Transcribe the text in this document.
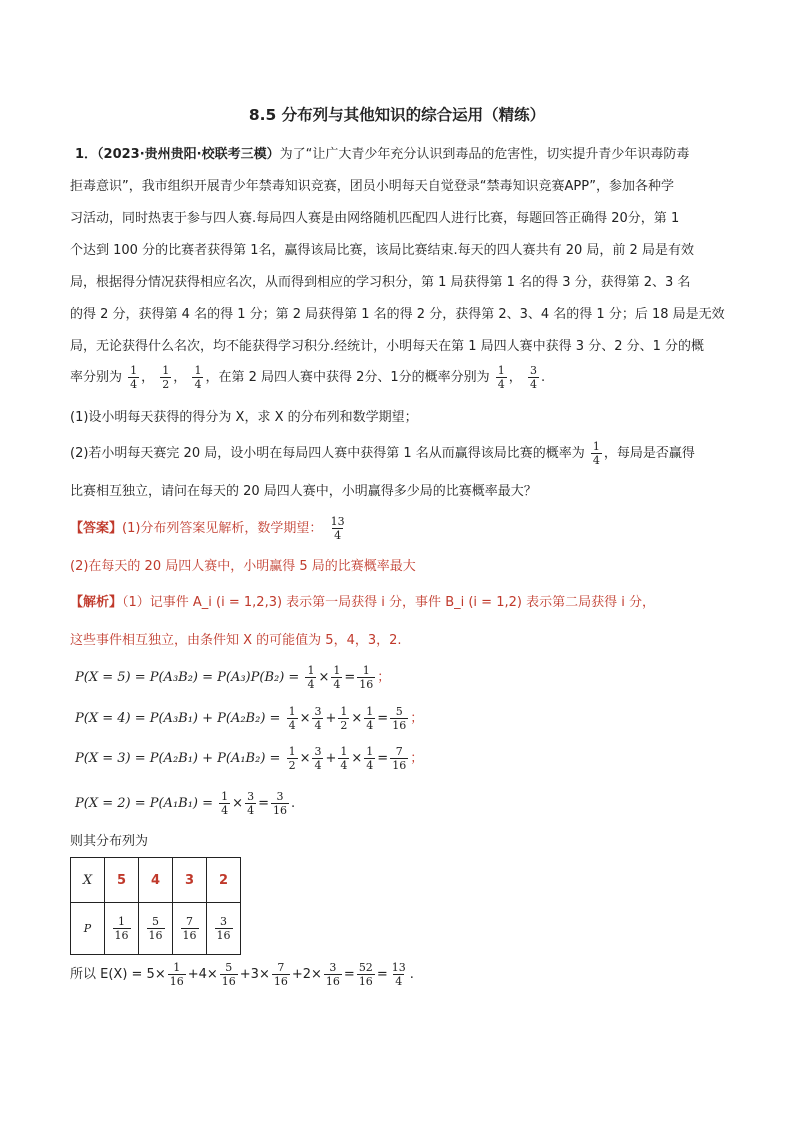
8.5 分布列与其他知识的综合运用（精练）
1．（2023·贵州贵阳·校联考三模）为了“让广大青少年充分认识到毒品的危害性，切实提升青少年识毒防毒
拒毒意识”，我市组织开展青少年禁毒知识竞赛，团员小明每天自觉登录“禁毒知识竞赛APP”，参加各种学
习活动，同时热衷于参与四人赛.每局四人赛是由网络随机匹配四人进行比赛，每题回答正确得 20分，第 1
个达到 100 分的比赛者获得第 1名，赢得该局比赛，该局比赛结束.每天的四人赛共有 20 局，前 2 局是有效
局，根据得分情况获得相应名次，从而得到相应的学习积分，第 1 局获得第 1 名的得 3 分，获得第 2、3 名
的得 2 分，获得第 4 名的得 1 分；第 2 局获得第 1 名的得 2 分，获得第 2、3、4 名的得 1 分；后 18 局是无效
局，无论获得什么名次，均不能获得学习积分.经统计，小明每天在第 1 局四人赛中获得 3 分、2 分、1 分的概
率分别为 $\frac{1}{4}$ ， $\frac{1}{2}$ ， $\frac{1}{4}$ ，在第 2 局四人赛中获得 2分、1分的概率分别为 $\frac{1}{4}$ ， $\frac{3}{4}$ .
(1)设小明每天获得的得分为 X，求 X 的分布列和数学期望；
(2)若小明每天赛完 20 局，设小明在每局四人赛中获得第 1 名从而赢得该局比赛的概率为 $\frac{1}{4}$ ，每局是否赢得
比赛相互独立，请问在每天的 20 局四人赛中，小明赢得多少局的比赛概率最大？
【答案】(1)分布列答案见解析，数学期望： $\frac{13}{4}$
(2)在每天的 20 局四人赛中，小明赢得 5 局的比赛概率最大
【解析】（1）记事件 A_i (i = 1,2,3) 表示第一局获得 i 分，事件 B_i (i = 1,2) 表示第二局获得 i 分，
这些事件相互独立，由条件知 X 的可能值为 5，4，3，2.
$P(X = 5) = P(A_3B_2) = P(A_3)P(B_2) = \frac{1}{4} \times \frac{1}{4} = \frac{1}{16}$ ；
$P(X = 4) = P(A_3B_1) + P(A_2B_2) = \frac{1}{4} \times \frac{3}{4} + \frac{1}{2} \times \frac{1}{4} = \frac{5}{16}$ ；
$P(X = 3) = P(A_2B_1) + P(A_1B_2) = \frac{1}{2} \times \frac{3}{4} + \frac{1}{4} \times \frac{1}{4} = \frac{7}{16}$ ；
$P(X = 2) = P(A_1B_1) = \frac{1}{4} \times \frac{3}{4} = \frac{3}{16}$ .
则其分布列为
X	5	4	3	2
P	$\frac{1}{16}$	$\frac{5}{16}$	$\frac{7}{16}$	$\frac{3}{16}$
所以 $E(X) = 5\times \frac{1}{16} +4\times \frac{5}{16} +3\times \frac{7}{16} +2\times \frac{3}{16} = \frac{52}{16} = \frac{13}{4}$ .
